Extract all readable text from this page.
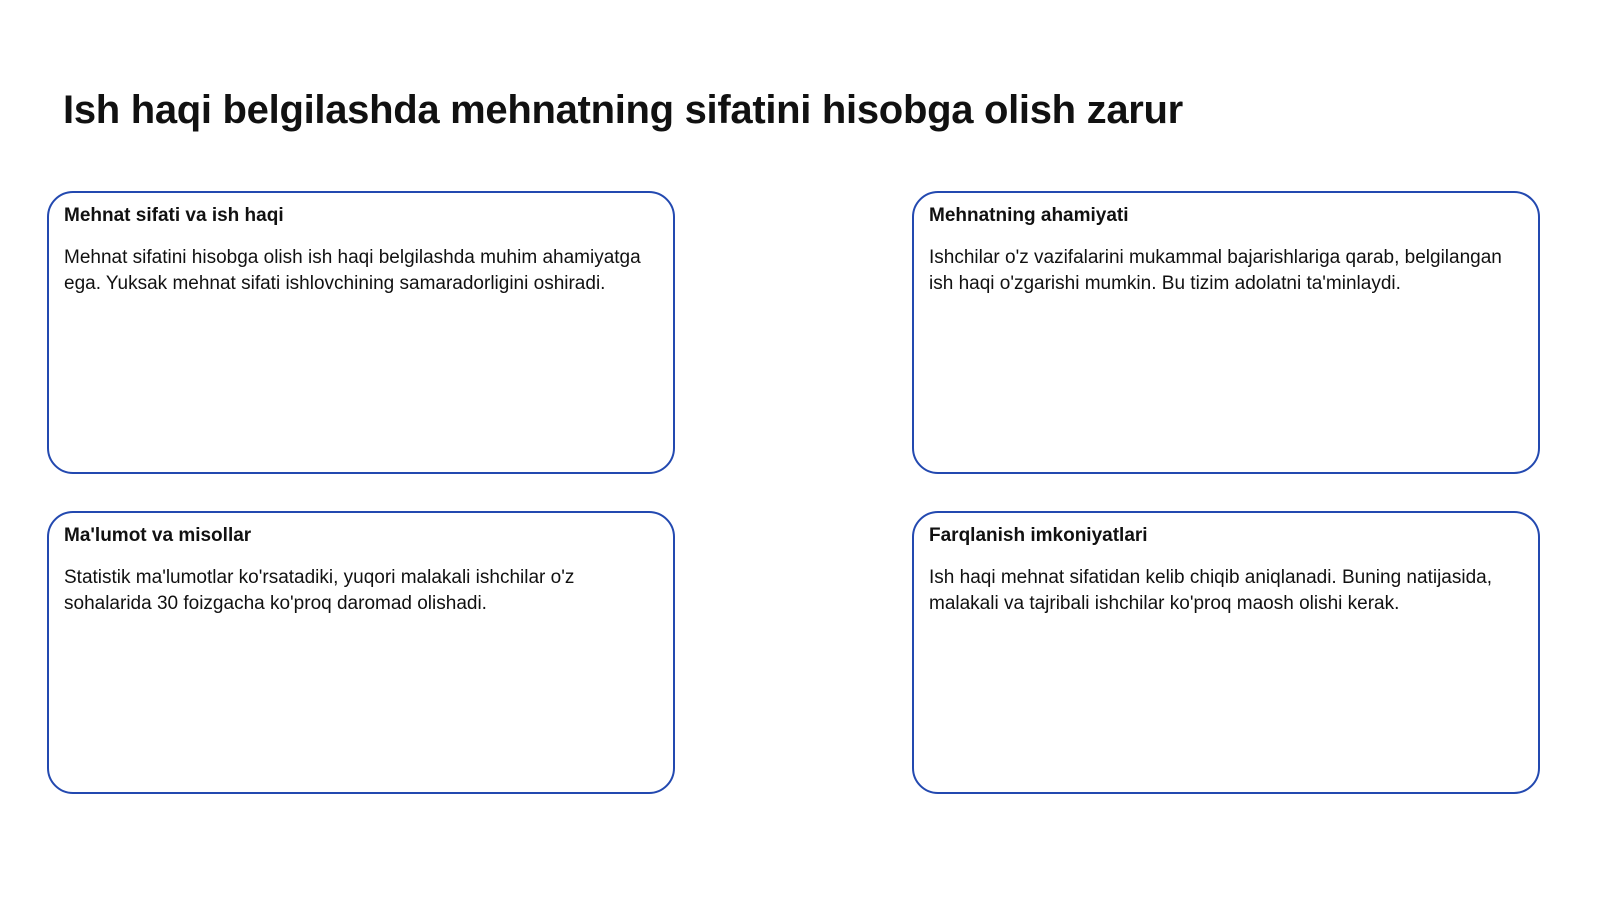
Ish haqi belgilashda mehnatning sifatini hisobga olish zarur
Mehnat sifati va ish haqi

Mehnat sifatini hisobga olish ish haqi belgilashda muhim ahamiyatga ega. Yuksak mehnat sifati ishlovchining samaradorligini oshiradi.

Mehnatning ahamiyati

Ishchilar o'z vazifalarini mukammal bajarishlariga qarab, belgilangan ish haqi o'zgarishi mumkin. Bu tizim adolatni ta'minlaydi.

Ma'lumot va misollar

Statistik ma'lumotlar ko'rsatadiki, yuqori malakali ishchilar o'z sohalarida 30 foizgacha ko'proq daromad olishadi.

Farqlanish imkoniyatlari

Ish haqi mehnat sifatidan kelib chiqib aniqlanadi. Buning natijasida, malakali va tajribali ishchilar ko'proq maosh olishi kerak.
